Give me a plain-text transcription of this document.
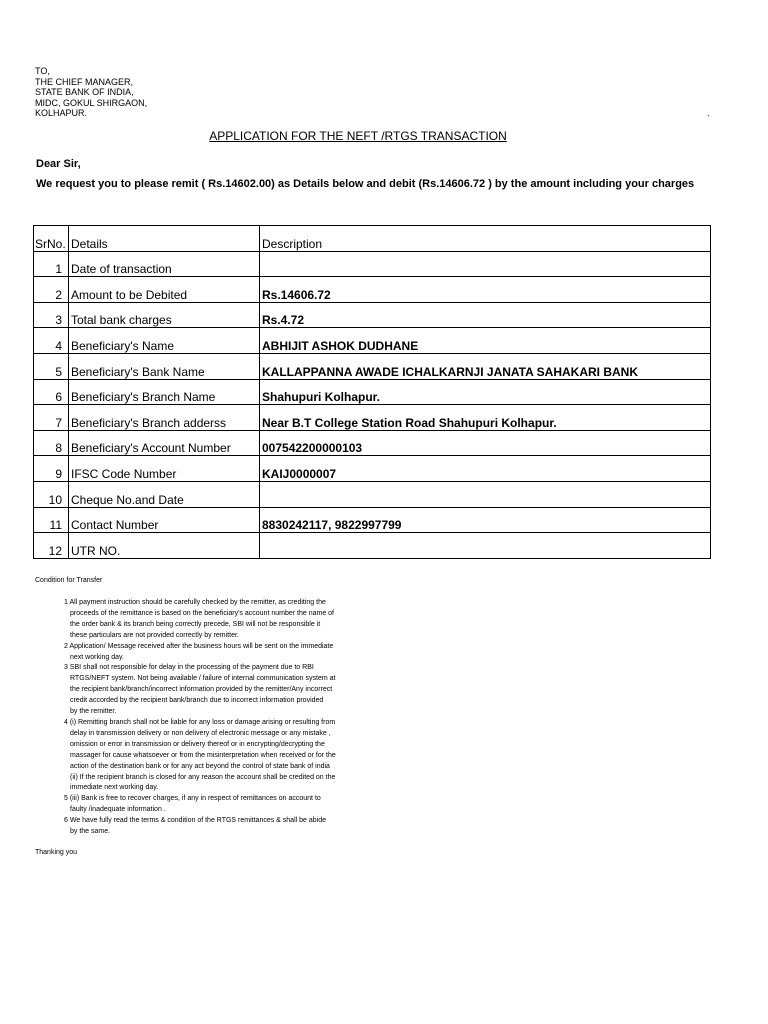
TO,
THE CHIEF MANAGER,
STATE BANK OF INDIA,
MIDC, GOKUL SHIRGAON,
KOLHAPUR.
`
APPLICATION FOR THE NEFT /RTGS TRANSACTION
Dear Sir,
We request you to please remit ( Rs.14602.00) as Details below and debit (Rs.14606.72 ) by the amount including your charges
SrNo.	Details	Description
1	Date of transaction	
2	Amount to be Debited	Rs.14606.72
3	Total bank charges	Rs.4.72
4	Beneficiary's Name	ABHIJIT ASHOK DUDHANE
5	Beneficiary's Bank Name	KALLAPPANNA AWADE ICHALKARNJI JANATA SAHAKARI BANK
6	Beneficiary's Branch Name	Shahupuri Kolhapur.
7	Beneficiary's Branch adderss	Near B.T College Station Road Shahupuri Kolhapur.
8	Beneficiary's Account Number	007542200000103
9	IFSC Code Number	KAIJ0000007
10	Cheque No.and Date	
11	Contact Number	8830242117, 9822997799
12	UTR NO.	
Condition for Transfer
1 All payment instruction should be carefully checked by the remitter, as crediting the
proceeds of the remittance is based on the beneficiary's account number the name of
the order bank & its branch being correctly precede, SBI will not be responsible it
these particulars are not provided correctly by remitter.
2 Application/ Message received after the business hours will be sent on the immediate
next working day.
3 SBI shall not responsible for delay in the processing of the payment due to RBI
RTGS/NEFT system. Not being available / failure of internal communication system at
the recipient bank/branch/incorrect information provided by the remitter/Any incorrect
credit accorded by the recipient bank/branch due to incorrect information provided
by the remitter.
4 (i) Remitting branch shall not be liable for any loss or damage arising or resulting from
delay in transmission delivery or non delivery of electronic message or any mistake ,
omission or error in transmission or delivery thereof or in encrypting/decrypting the
massager for cause whatsoever or from the misinterpretation when received or for the
action of the destination bank or for any act beyond the control of state bank of india
(ii) If the recipient branch is closed for any reason the account shall be credited on the
immediate next working day.
5 (iii) Bank is free to recover charges, if any in respect of remittances on account to
faulty /inadequate information .
6 We have fully read the terms & condition of the RTGS remittances & shall be abide
by the same.
Thanking you
